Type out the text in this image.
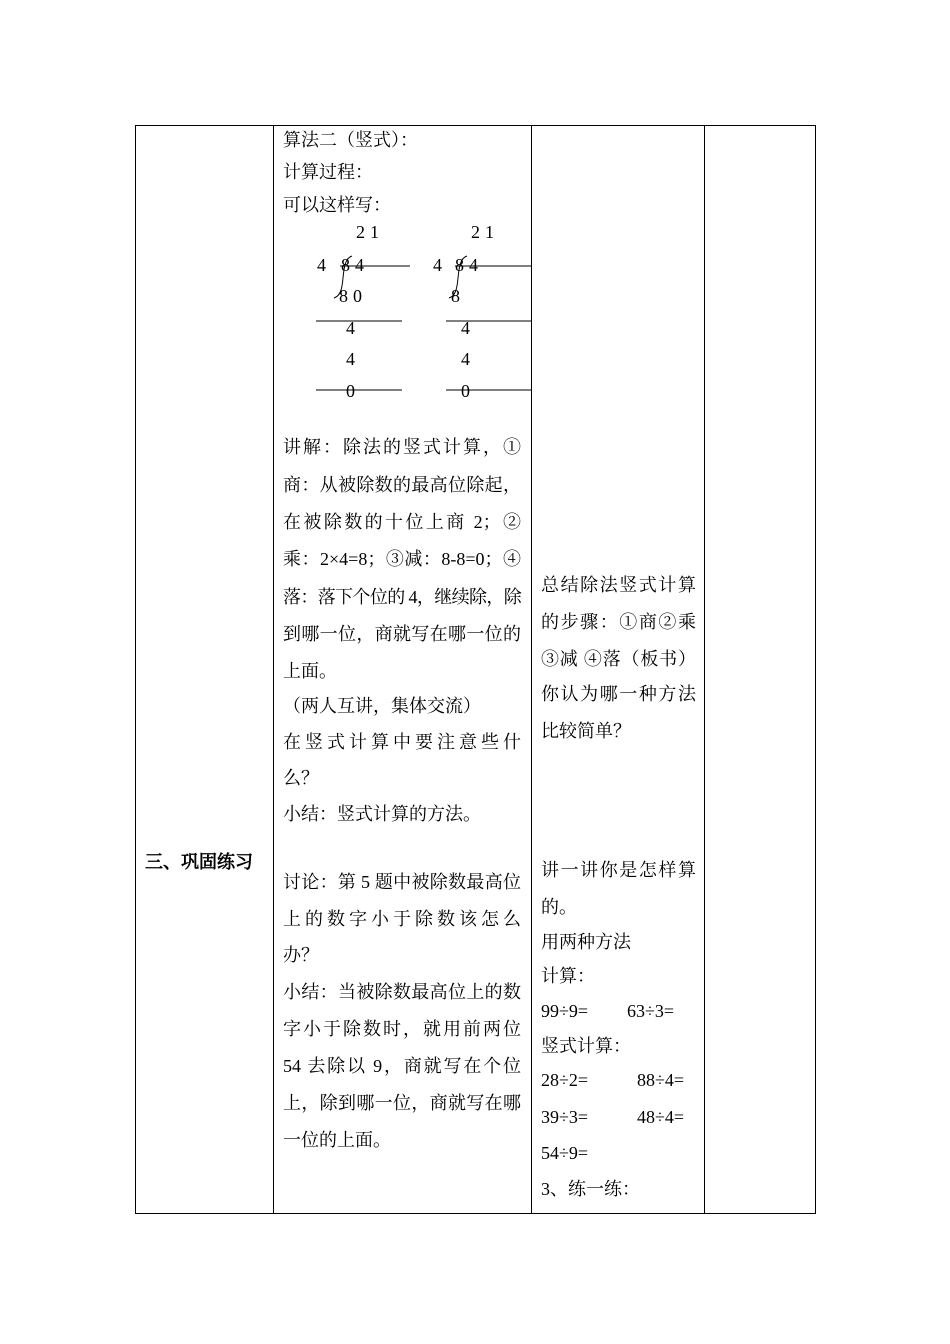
三、巩固练习
算法二（竖式）：
计算过程：
可以这样写：
21
4 84
80
4
4
0
21
4 84
8
4
4
0
讲解：除法的竖式计算，①
商：从被除数的最高位除起，
在被除数的十位上商 2；②
乘：2×4=8；③减：8-8=0；④
落：落下个位的 4，继续除，除
到哪一位，商就写在哪一位的
上面。
（两人互讲，集体交流）
在竖式计算中要注意些什
么？
小结：竖式计算的方法。
讨论：第 5 题中被除数最高位
上的数字小于除数该怎么
办？
小结：当被除数最高位上的数
字小于除数时，就用前两位
54 去除以 9，商就写在个位
上，除到哪一位，商就写在哪
一位的上面。
总结除法竖式计算
的步骤：①商②乘
③减 ④落（板书）
你认为哪一种方法
比较简单？
讲一讲你是怎样算
的。
用两种方法
计算：
99÷9= 63÷3=
竖式计算：
28÷2=	88÷4=
39÷3=	48÷4=
54÷9=
3、练一练：
